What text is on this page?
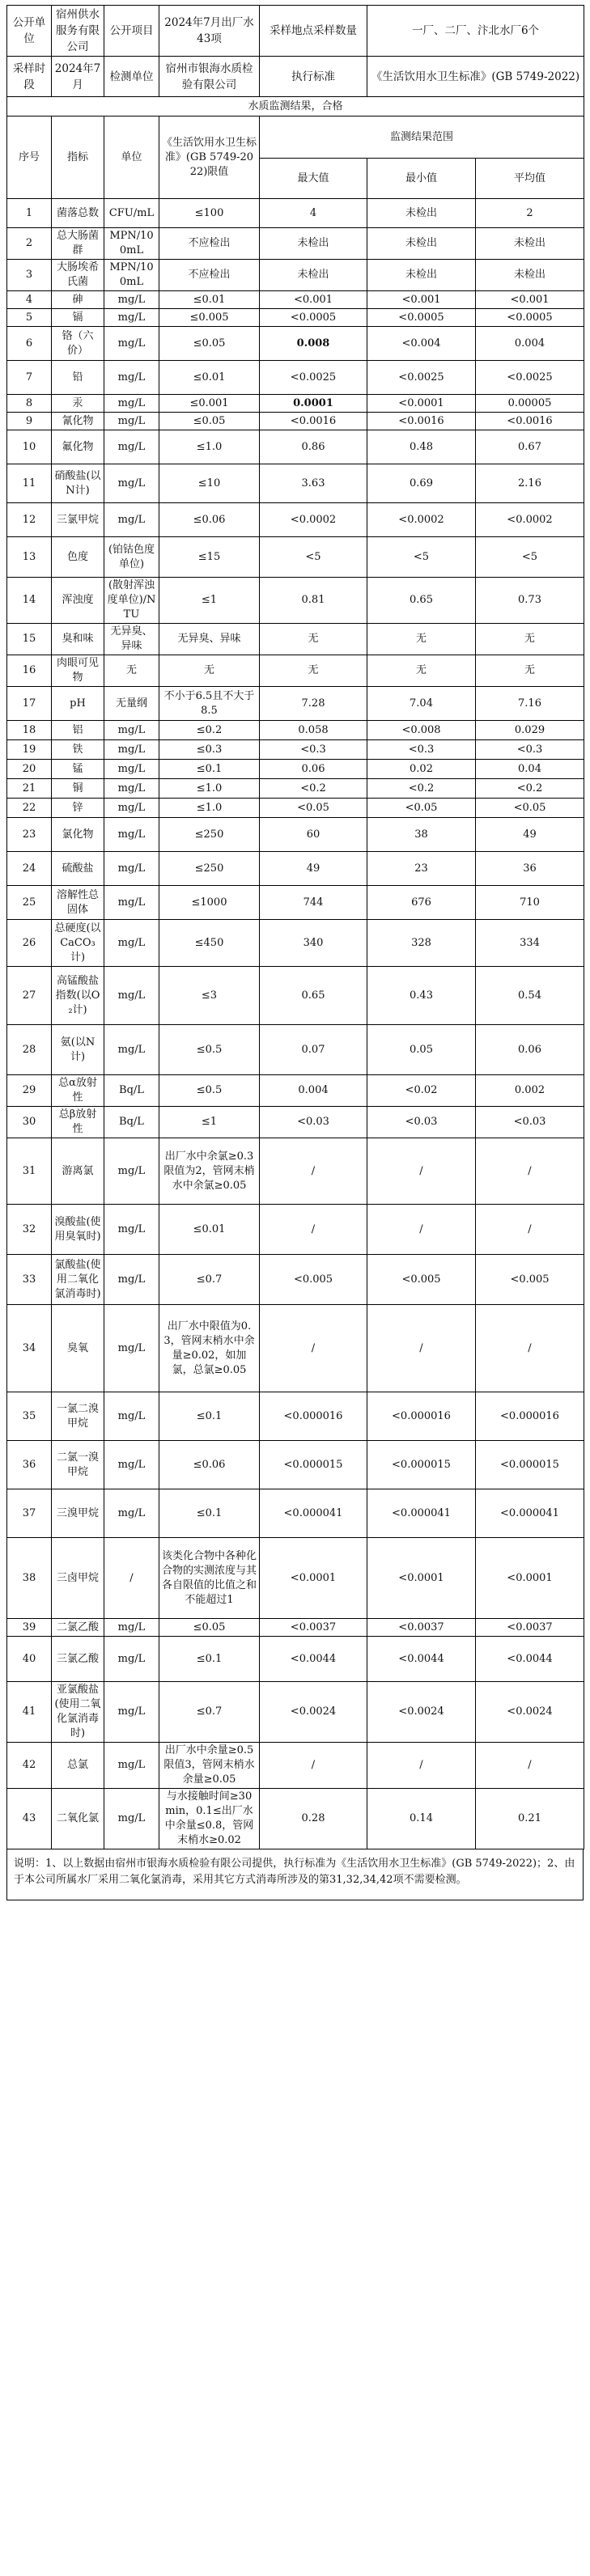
公开单位	宿州供水服务有限公司	公开项目	2024年7月出厂水43项	采样地点采样数量	一厂、二厂、汴北水厂6个	
采样时段	2024年7月	检测单位	宿州市银海水质检验有限公司	执行标准	《生活饮用水卫生标准》(GB 5749-2022)	
水质监测结果，合格						
序号	指标	单位	《生活饮用水卫生标准》(GB 5749-2022)限值	监测结果范围		
				最大值	最小值	平均值
1	菌落总数	CFU/mL	≤100	4	未检出	2
2	总大肠菌群	MPN/100mL	不应检出	未检出	未检出	未检出
3	大肠埃希氏菌	MPN/100mL	不应检出	未检出	未检出	未检出
4	砷	mg/L	≤0.01	<0.001	<0.001	<0.001
5	镉	mg/L	≤0.005	<0.0005	<0.0005	<0.0005
6	铬（六价）	mg/L	≤0.05	0.008	<0.004	0.004
7	铅	mg/L	≤0.01	<0.0025	<0.0025	<0.0025
8	汞	mg/L	≤0.001	0.0001	<0.0001	0.00005
9	氰化物	mg/L	≤0.05	<0.0016	<0.0016	<0.0016
10	氟化物	mg/L	≤1.0	0.86	0.48	0.67
11	硝酸盐(以N计)	mg/L	≤10	3.63	0.69	2.16
12	三氯甲烷	mg/L	≤0.06	<0.0002	<0.0002	<0.0002
13	色度	(铂钴色度单位)	≤15	<5	<5	<5
14	浑浊度	(散射浑浊度单位)/NTU	≤1	0.81	0.65	0.73
15	臭和味	无异臭、异味	无异臭、异味	无	无	无
16	肉眼可见物	无	无	无	无	无
17	pH	无量纲	不小于6.5且不大于8.5	7.28	7.04	7.16
18	铝	mg/L	≤0.2	0.058	<0.008	0.029
19	铁	mg/L	≤0.3	<0.3	<0.3	<0.3
20	锰	mg/L	≤0.1	0.06	0.02	0.04
21	铜	mg/L	≤1.0	<0.2	<0.2	<0.2
22	锌	mg/L	≤1.0	<0.05	<0.05	<0.05
23	氯化物	mg/L	≤250	60	38	49
24	硫酸盐	mg/L	≤250	49	23	36
25	溶解性总固体	mg/L	≤1000	744	676	710
26	总硬度(以CaCO₃计)	mg/L	≤450	340	328	334
27	高锰酸盐指数(以O₂计)	mg/L	≤3	0.65	0.43	0.54
28	氨(以N计)	mg/L	≤0.5	0.07	0.05	0.06
29	总α放射性	Bq/L	≤0.5	0.004	<0.02	0.002
30	总β放射性	Bq/L	≤1	<0.03	<0.03	<0.03
31	游离氯	mg/L	出厂水中余氯≥0.3限值为2，管网末梢水中余氯≥0.05	/	/	/
32	溴酸盐(使用臭氧时)	mg/L	≤0.01	/	/	/
33	氯酸盐(使用二氧化氯消毒时)	mg/L	≤0.7	<0.005	<0.005	<0.005
34	臭氧	mg/L	出厂水中限值为0.3，管网末梢水中余量≥0.02，如加氯，总氯≥0.05	/	/	/
35	一氯二溴甲烷	mg/L	≤0.1	<0.000016	<0.000016	<0.000016
36	二氯一溴甲烷	mg/L	≤0.06	<0.000015	<0.000015	<0.000015
37	三溴甲烷	mg/L	≤0.1	<0.000041	<0.000041	<0.000041
38	三卤甲烷	/	该类化合物中各种化合物的实测浓度与其各自限值的比值之和不能超过1	<0.0001	<0.0001	<0.0001
39	二氯乙酸	mg/L	≤0.05	<0.0037	<0.0037	<0.0037
40	三氯乙酸	mg/L	≤0.1	<0.0044	<0.0044	<0.0044
41	亚氯酸盐(使用二氧化氯消毒时)	mg/L	≤0.7	<0.0024	<0.0024	<0.0024
42	总氯	mg/L	出厂水中余量≥0.5限值3，管网末梢水余量≥0.05	/	/	/
43	二氧化氯	mg/L	与水接触时间≥30min，0.1≤出厂水中余量≤0.8，管网末梢水≥0.02	0.28	0.14	0.21
说明：1、以上数据由宿州市银海水质检验有限公司提供，执行标准为《生活饮用水卫生标准》(GB 5749-2022)；2、由于本公司所属水厂采用二氧化氯消毒，采用其它方式消毒所涉及的第31,32,34,42项不需要检测。
